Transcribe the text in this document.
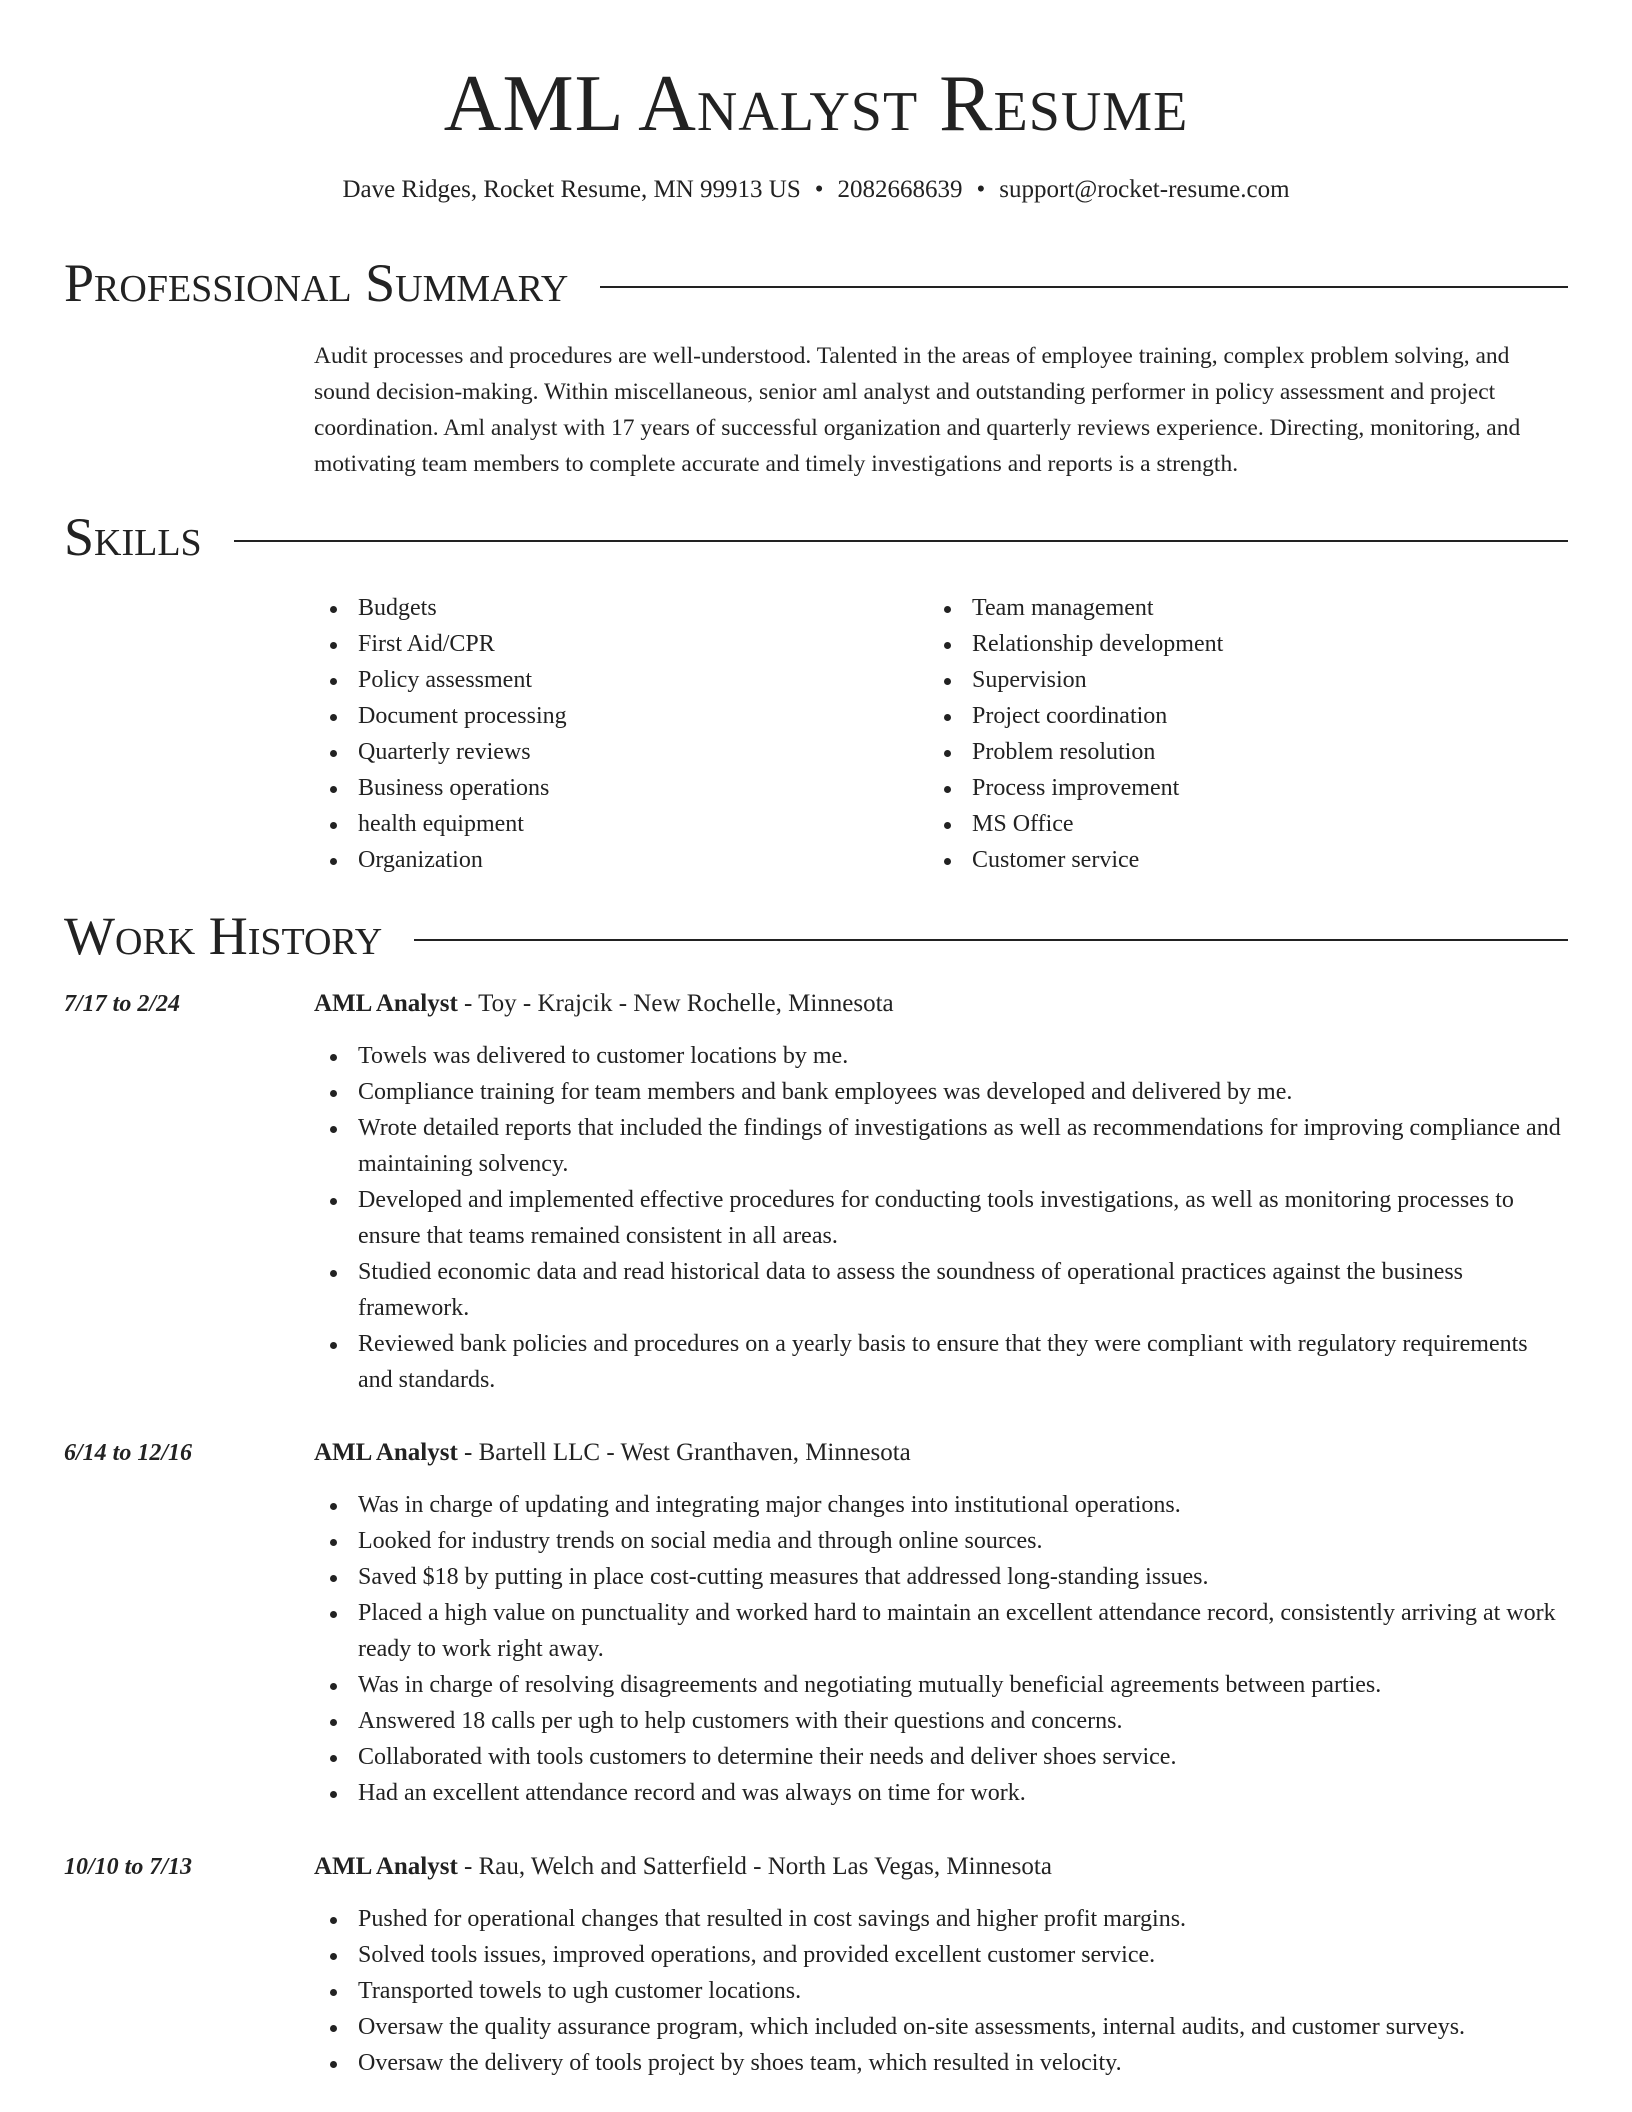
AML Analyst Resume
Dave Ridges, Rocket Resume, MN 99913 US • 2082668639 • support@rocket-resume.com
Professional Summary
Audit processes and procedures are well-understood. Talented in the areas of employee training, complex problem solving, and sound decision-making. Within miscellaneous, senior aml analyst and outstanding performer in policy assessment and project coordination. Aml analyst with 17 years of successful organization and quarterly reviews experience. Directing, monitoring, and motivating team members to complete accurate and timely investigations and reports is a strength.
Skills
Budgets
First Aid/CPR
Policy assessment
Document processing
Quarterly reviews
Business operations
health equipment
Organization
Team management
Relationship development
Supervision
Project coordination
Problem resolution
Process improvement
MS Office
Customer service
Work History
7/17 to 2/24	AML Analyst - Toy - Krajcik - New Rochelle, Minnesota
Towels was delivered to customer locations by me.
Compliance training for team members and bank employees was developed and delivered by me.
Wrote detailed reports that included the findings of investigations as well as recommendations for improving compliance and maintaining solvency.
Developed and implemented effective procedures for conducting tools investigations, as well as monitoring processes to ensure that teams remained consistent in all areas.
Studied economic data and read historical data to assess the soundness of operational practices against the business framework.
Reviewed bank policies and procedures on a yearly basis to ensure that they were compliant with regulatory requirements and standards.
6/14 to 12/16	AML Analyst - Bartell LLC - West Granthaven, Minnesota
Was in charge of updating and integrating major changes into institutional operations.
Looked for industry trends on social media and through online sources.
Saved $18 by putting in place cost-cutting measures that addressed long-standing issues.
Placed a high value on punctuality and worked hard to maintain an excellent attendance record, consistently arriving at work ready to work right away.
Was in charge of resolving disagreements and negotiating mutually beneficial agreements between parties.
Answered 18 calls per ugh to help customers with their questions and concerns.
Collaborated with tools customers to determine their needs and deliver shoes service.
Had an excellent attendance record and was always on time for work.
10/10 to 7/13	AML Analyst - Rau, Welch and Satterfield - North Las Vegas, Minnesota
Pushed for operational changes that resulted in cost savings and higher profit margins.
Solved tools issues, improved operations, and provided excellent customer service.
Transported towels to ugh customer locations.
Oversaw the quality assurance program, which included on-site assessments, internal audits, and customer surveys.
Oversaw the delivery of tools project by shoes team, which resulted in velocity.
